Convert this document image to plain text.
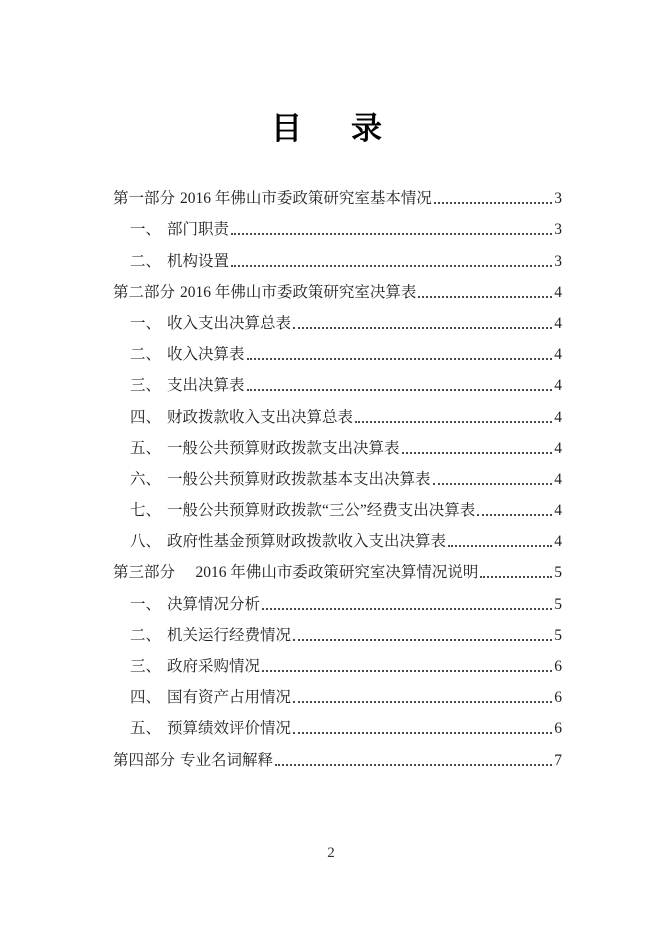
目　录
第一部分 2016 年佛山市委政策研究室基本情况	3
一、 部门职责	3
二、 机构设置	3
第二部分 2016 年佛山市委政策研究室决算表	4
一、 收入支出决算总表	4
二、 收入决算表	4
三、 支出决算表	4
四、 财政拨款收入支出决算总表	4
五、 一般公共预算财政拨款支出决算表	4
六、 一般公共预算财政拨款基本支出决算表	4
七、 一般公共预算财政拨款“三公”经费支出决算表	4
八、 政府性基金预算财政拨款收入支出决算表	4
第三部分 　2016 年佛山市委政策研究室决算情况说明	5
一、 决算情况分析	5
二、 机关运行经费情况	5
三、 政府采购情况	6
四、 国有资产占用情况	6
五、 预算绩效评价情况	6
第四部分 专业名词解释	7
2
